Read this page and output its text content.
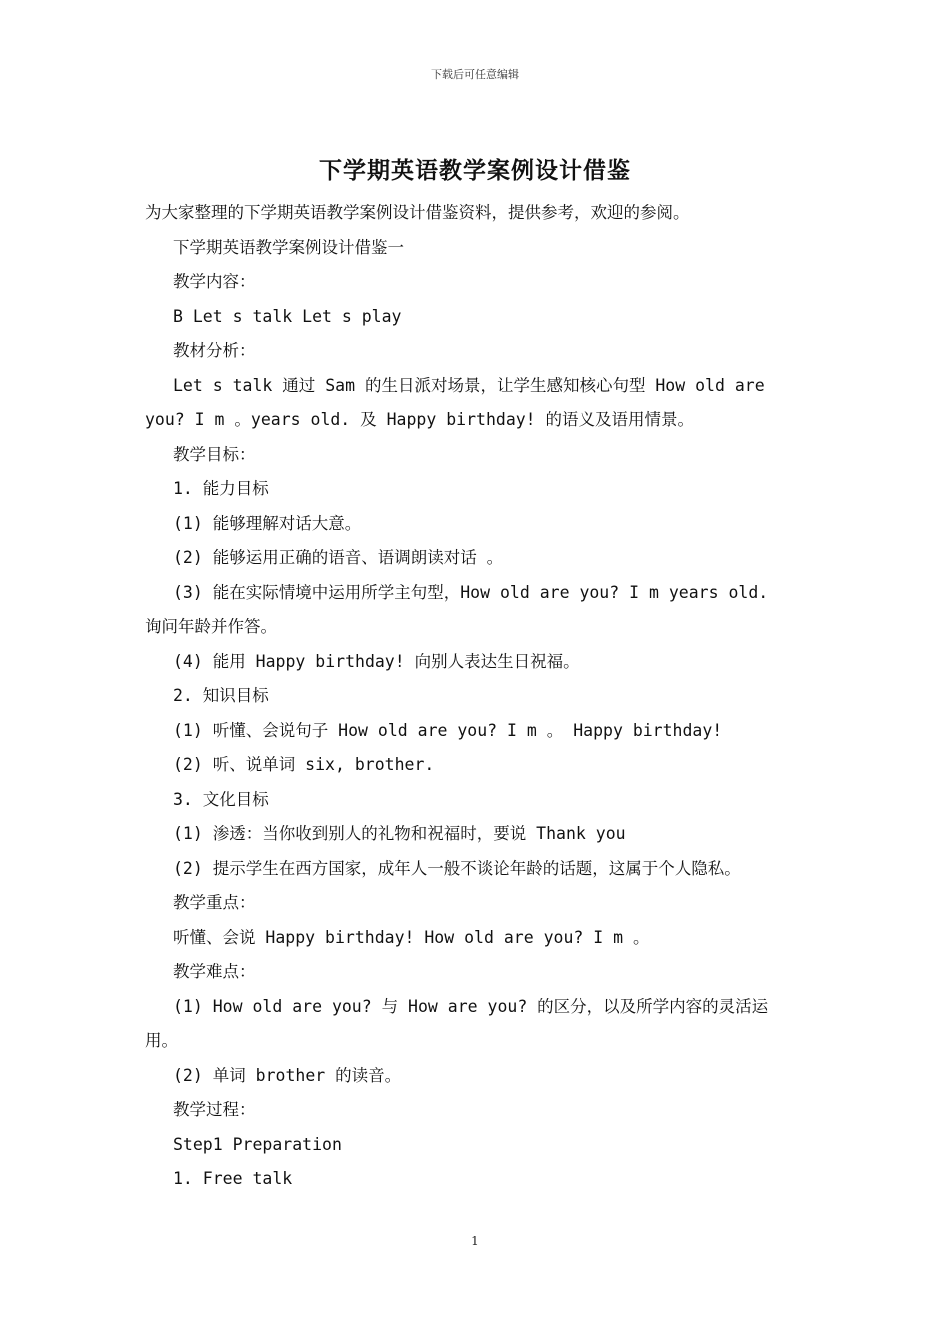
下载后可任意编辑
下学期英语教学案例设计借鉴

为大家整理的下学期英语教学案例设计借鉴资料，提供参考，欢迎的参阅。

下学期英语教学案例设计借鉴一

教学内容：

B Let s talk Let s play

教材分析：

Let s talk 通过 Sam 的生日派对场景，让学生感知核心句型 How old are

you? I m 。years old. 及 Happy birthday! 的语义及语用情景。

教学目标：

1. 能力目标

(1) 能够理解对话大意。

(2) 能够运用正确的语音、语调朗读对话 。

(3) 能在实际情境中运用所学主句型，How old are you? I m years old.

询问年龄并作答。

(4) 能用 Happy birthday! 向别人表达生日祝福。

2. 知识目标

(1) 听懂、会说句子 How old are you? I m 。 Happy birthday!

(2) 听、说单词 six, brother.

3. 文化目标

(1) 渗透：当你收到别人的礼物和祝福时，要说 Thank you

(2) 提示学生在西方国家，成年人一般不谈论年龄的话题，这属于个人隐私。

教学重点：

听懂、会说 Happy birthday! How old are you? I m 。

教学难点：

(1) How old are you? 与 How are you? 的区分，以及所学内容的灵活运

用。

(2) 单词 brother 的读音。

教学过程：

Step1 Preparation

1. Free talk

1
